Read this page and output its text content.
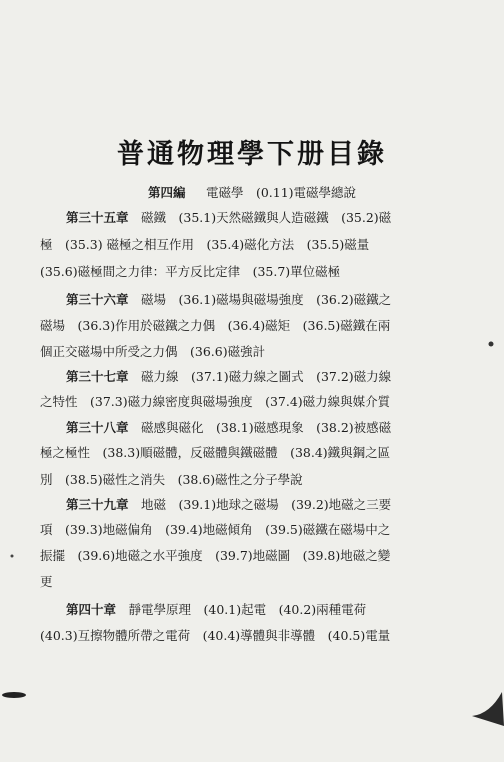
普通物理學下册目錄
第四編 　 電磁學　(0.11)電磁學總說
第三十五章　磁鐵　(35.1)天然磁鐵與人造磁鐵　(35.2)磁
極　(35.3) 磁極之相互作用　(35.4)磁化方法　(35.5)磁量
(35.6)磁極間之力律：平方反比定律　(35.7)單位磁極
第三十六章　磁場　(36.1)磁場與磁場強度　(36.2)磁鐵之
磁場　(36.3)作用於磁鐵之力偶　(36.4)磁矩　(36.5)磁鐵在兩
個正交磁場中所受之力偶　(36.6)磁強計
第三十七章　磁力線　(37.1)磁力線之圖式　(37.2)磁力線
之特性　(37.3)磁力線密度與磁場強度　(37.4)磁力線與媒介質
第三十八章　磁感與磁化　(38.1)磁感現象　(38.2)被感磁
極之極性　(38.3)順磁體，反磁體與鐵磁體　(38.4)鐵與鋼之區
別　(38.5)磁性之消失　(38.6)磁性之分子學說
第三十九章　地磁　(39.1)地球之磁場　(39.2)地磁之三要
項　(39.3)地磁偏角　(39.4)地磁傾角　(39.5)磁鐵在磁場中之
振擺　(39.6)地磁之水平強度　(39.7)地磁圖　(39.8)地磁之變
更
第四十章　靜電學原理　(40.1)起電　(40.2)兩種電荷
(40.3)互擦物體所帶之電荷　(40.4)導體與非導體　(40.5)電量
